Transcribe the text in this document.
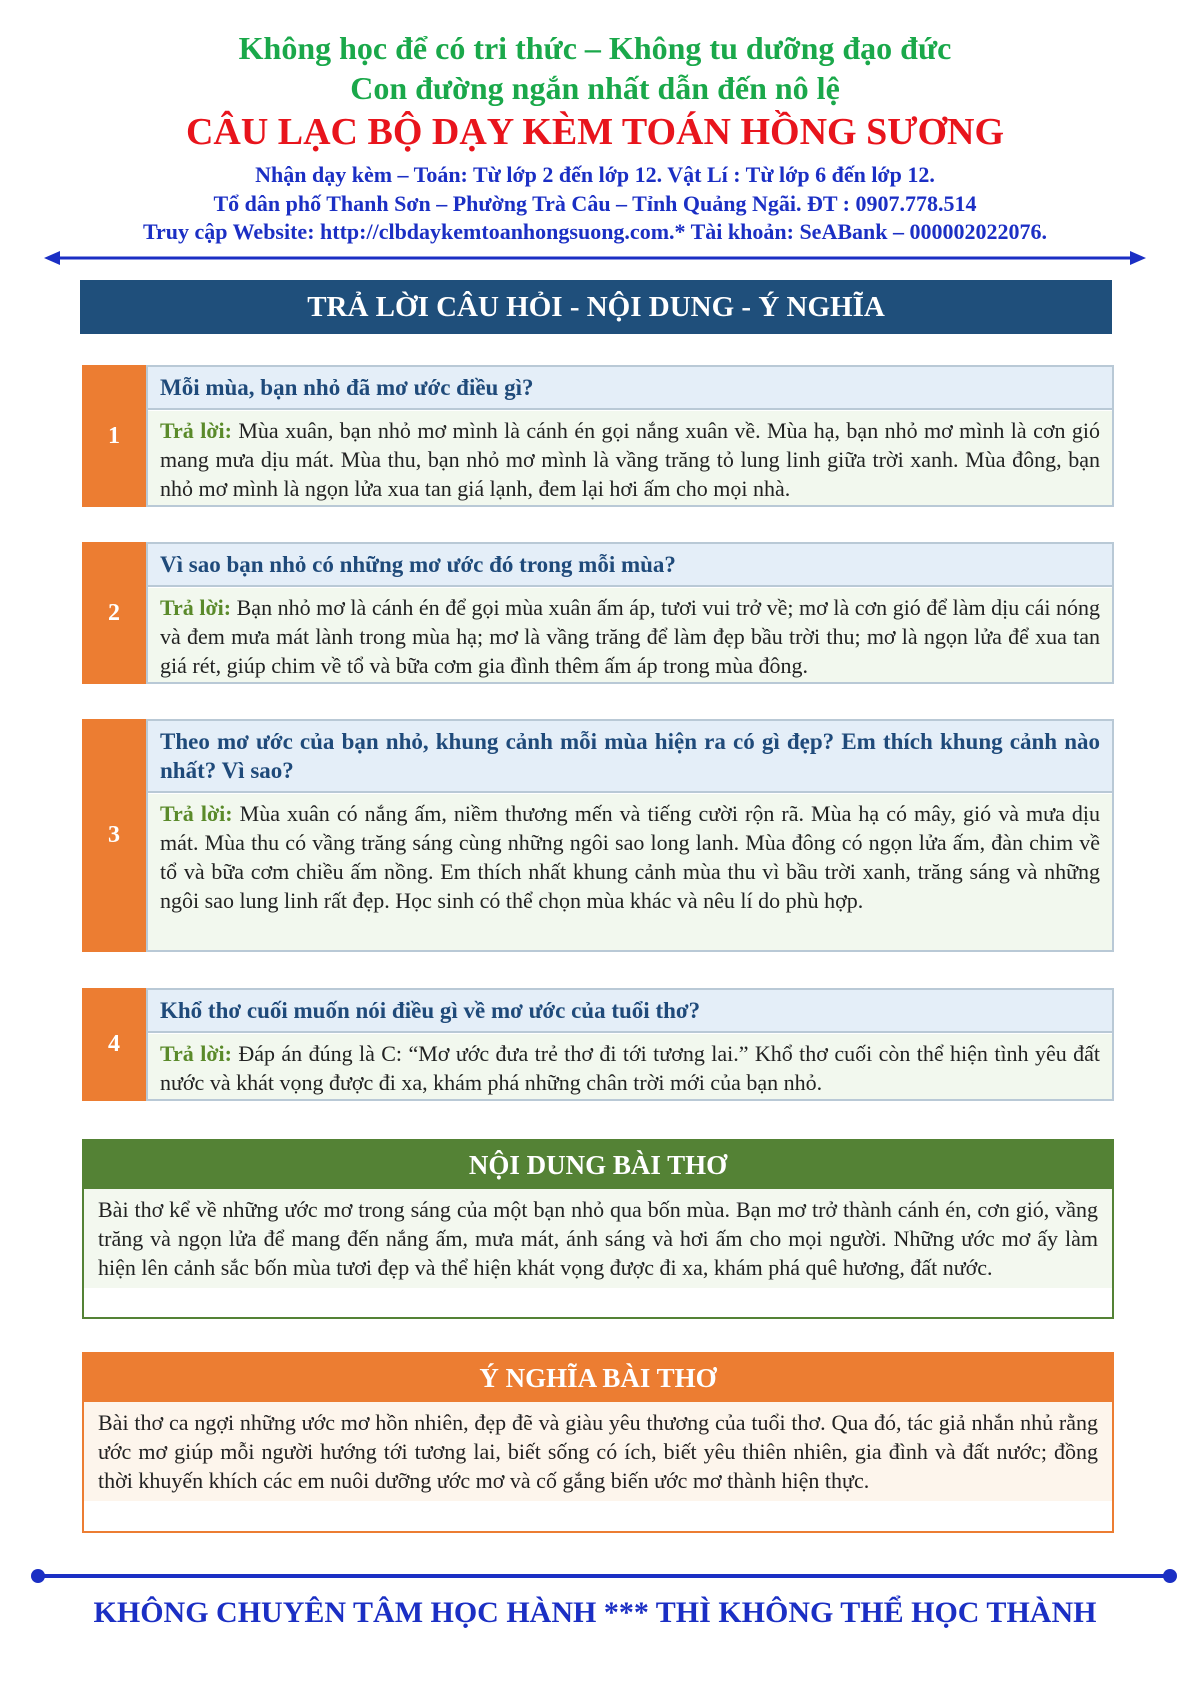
Không học để có tri thức – Không tu dưỡng đạo đức
Con đường ngắn nhất dẫn đến nô lệ
CÂU LẠC BỘ DẠY KÈM TOÁN HỒNG SƯƠNG
Nhận dạy kèm – Toán: Từ lớp 2 đến lớp 12. Vật Lí : Từ lớp 6 đến lớp 12.
Tổ dân phố Thanh Sơn – Phường Trà Câu – Tỉnh Quảng Ngãi. ĐT : 0907.778.514
Truy cập Website: http://clbdaykemtoanhongsuong.com.* Tài khoản: SeABank – 000002022076.
TRẢ LỜI CÂU HỎI - NỘI DUNG - Ý NGHĨA
1
Mỗi mùa, bạn nhỏ đã mơ ước điều gì?
Trả lời: Mùa xuân, bạn nhỏ mơ mình là cánh én gọi nắng xuân về. Mùa hạ, bạn nhỏ mơ mình là cơn gió mang mưa dịu mát. Mùa thu, bạn nhỏ mơ mình là vầng trăng tỏ lung linh giữa trời xanh. Mùa đông, bạn nhỏ mơ mình là ngọn lửa xua tan giá lạnh, đem lại hơi ấm cho mọi nhà.
2
Vì sao bạn nhỏ có những mơ ước đó trong mỗi mùa?
Trả lời: Bạn nhỏ mơ là cánh én để gọi mùa xuân ấm áp, tươi vui trở về; mơ là cơn gió để làm dịu cái nóng và đem mưa mát lành trong mùa hạ; mơ là vầng trăng để làm đẹp bầu trời thu; mơ là ngọn lửa để xua tan giá rét, giúp chim về tổ và bữa cơm gia đình thêm ấm áp trong mùa đông.
3
Theo mơ ước của bạn nhỏ, khung cảnh mỗi mùa hiện ra có gì đẹp? Em thích khung cảnh nào nhất? Vì sao?
Trả lời: Mùa xuân có nắng ấm, niềm thương mến và tiếng cười rộn rã. Mùa hạ có mây, gió và mưa dịu mát. Mùa thu có vầng trăng sáng cùng những ngôi sao long lanh. Mùa đông có ngọn lửa ấm, đàn chim về tổ và bữa cơm chiều ấm nồng. Em thích nhất khung cảnh mùa thu vì bầu trời xanh, trăng sáng và những ngôi sao lung linh rất đẹp. Học sinh có thể chọn mùa khác và nêu lí do phù hợp.
4
Khổ thơ cuối muốn nói điều gì về mơ ước của tuổi thơ?
Trả lời: Đáp án đúng là C: “Mơ ước đưa trẻ thơ đi tới tương lai.” Khổ thơ cuối còn thể hiện tình yêu đất nước và khát vọng được đi xa, khám phá những chân trời mới của bạn nhỏ.
NỘI DUNG BÀI THƠ
Bài thơ kể về những ước mơ trong sáng của một bạn nhỏ qua bốn mùa. Bạn mơ trở thành cánh én, cơn gió, vầng trăng và ngọn lửa để mang đến nắng ấm, mưa mát, ánh sáng và hơi ấm cho mọi người. Những ước mơ ấy làm hiện lên cảnh sắc bốn mùa tươi đẹp và thể hiện khát vọng được đi xa, khám phá quê hương, đất nước.
Ý NGHĨA BÀI THƠ
Bài thơ ca ngợi những ước mơ hồn nhiên, đẹp đẽ và giàu yêu thương của tuổi thơ. Qua đó, tác giả nhắn nhủ rằng ước mơ giúp mỗi người hướng tới tương lai, biết sống có ích, biết yêu thiên nhiên, gia đình và đất nước; đồng thời khuyến khích các em nuôi dưỡng ước mơ và cố gắng biến ước mơ thành hiện thực.
KHÔNG CHUYÊN TÂM HỌC HÀNH *** THÌ KHÔNG THỂ HỌC THÀNH
